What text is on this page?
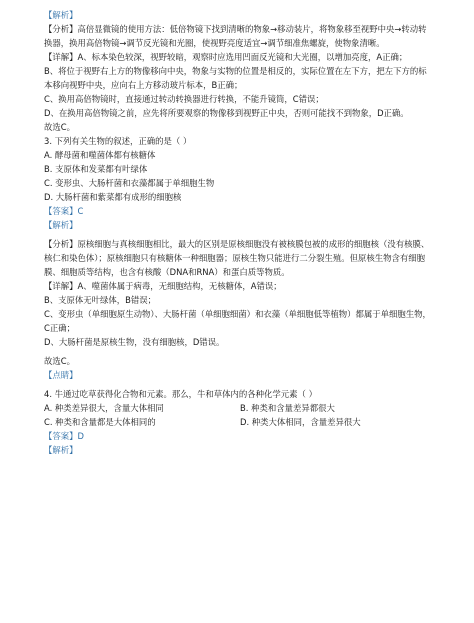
【解析】

【分析】高倍显微镜的使用方法：低倍物镜下找到清晰的物象→移动装片，将物象移至视野中央→转动转

换器，换用高倍物镜→调节反光镜和光圈，使视野亮度适宜→调节细准焦螺旋，使物象清晰。

【详解】A、标本染色较深，视野较暗，观察时应选用凹面反光镜和大光圈，以增加亮度，A正确；

B、将位于视野右上方的物像移向中央，物象与实物的位置是相反的，实际位置在左下方，把左下方的标

本移向视野中央，应向右上方移动玻片标本，B正确；

C、换用高倍物镜时，直接通过转动转换器进行转换，不能升镜筒，C错误；

D、在换用高倍物镜之前，应先将所要观察的物像移到视野正中央，否则可能找不到物象，D正确。

故选C。

3. 下列有关生物的叙述，正确的是（ ）

A. 酵母菌和噬菌体都有核糖体

B. 支原体和发菜都有叶绿体

C. 变形虫、大肠杆菌和衣藻都属于单细胞生物

D. 大肠杆菌和紫菜都有成形的细胞核

【答案】C

【解析】

【分析】原核细胞与真核细胞相比，最大的区别是原核细胞没有被核膜包被的成形的细胞核（没有核膜、

核仁和染色体）；原核细胞只有核糖体一种细胞器；原核生物只能进行二分裂生殖。但原核生物含有细胞

膜、细胞质等结构，也含有核酸（DNA和RNA）和蛋白质等物质。

【详解】A、噬菌体属于病毒，无细胞结构，无核糖体，A错误；

B、支原体无叶绿体，B错误；

C、变形虫（单细胞原生动物）、大肠杆菌（单细胞细菌）和衣藻（单细胞低等植物）都属于单细胞生物，

C正确；

D、大肠杆菌是原核生物，没有细胞核，D错误。

故选C。

【点睛】

4. 牛通过吃草获得化合物和元素。那么，牛和草体内的各种化学元素（ ）

A. 种类差异很大，含量大体相同	B. 种类和含量差异都很大
C. 种类和含量都是大体相同的	D. 种类大体相同，含量差异很大

【答案】D

【解析】
